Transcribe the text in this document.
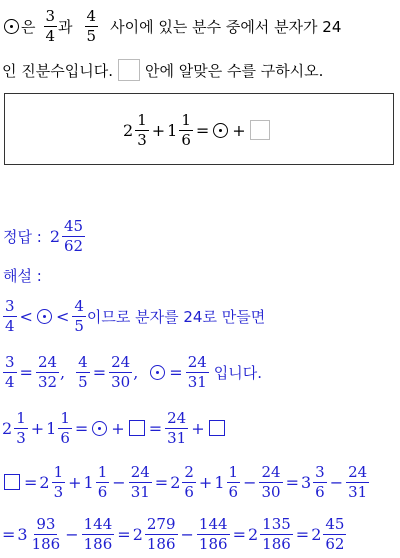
은 $\frac{3}{4}$ 과 $\frac{4}{5}$ 사이에 있는 분수 중에서 분자가 24
인 진분수입니다. 안에 알맞은 수를 구하시오.
$2 \frac{1}{3} + 1 \frac{1}{6}$ = +
정답 : $2 \frac{45}{62}$
해설 :
$\frac{3}{4}$ < < $\frac{4}{5}$ 이므로 분자를 24로 만들면
$\frac{3}{4} = \frac{24}{32}$ , $\frac{4}{5} = \frac{24}{30}$ , = $\frac{24}{31}$ 입니다.
$2 \frac{1}{3} + 1 \frac{1}{6}$ = + = $\frac{24}{31}$ +
= $2 \frac{1}{3} + 1 \frac{1}{6} - \frac{24}{31} = 2 \frac{2}{6} + 1 \frac{1}{6} - \frac{24}{30} = 3 \frac{3}{6} - \frac{24}{31}$
= $3 \frac{93}{186} - \frac{144}{186} = 2 \frac{279}{186} - \frac{144}{186} = 2 \frac{135}{186} = 2 \frac{45}{62}$
